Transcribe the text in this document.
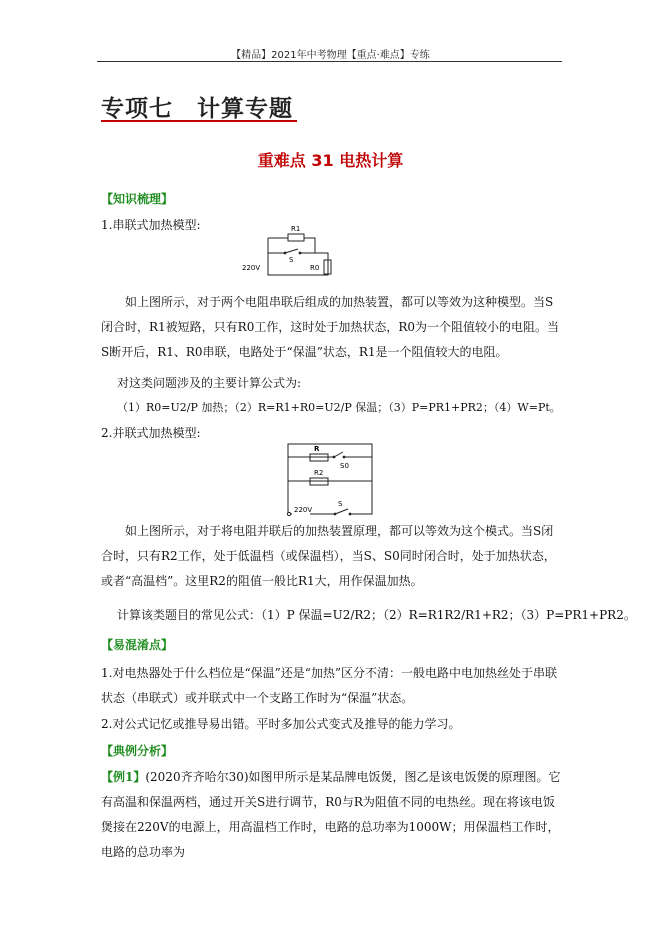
【精品】2021年中考物理【重点·难点】专练
专项七　计算专题
重难点 31 电热计算
【知识梳理】
1.串联式加热模型:	R1
S
220V	R0
如上图所示，对于两个电阻串联后组成的加热装置，都可以等效为这种模型。当S闭合时，R1被短路，只有R0工作，这时处于加热状态，R0为一个阻值较小的电阻。当S断开后，R1、R0串联，电路处于“保温”状态，R1是一个阻值较大的电阻。
对这类问题涉及的主要计算公式为:
（1）R0=U2/P 加热；（2）R=R1+R0=U2/P 保温；（3）P=PR1+PR2；（4）W=Pt。
2.并联式加热模型:
R
R2
S0
S
220V
如上图所示，对于将电阻并联后的加热装置原理，都可以等效为这个模式。当S闭合时，只有R2工作，处于低温档（或保温档），当S、S0同时闭合时，处于加热状态，或者“高温档”。这里R2的阻值一般比R1大，用作保温加热。
计算该类题目的常见公式：（1）P 保温=U2/R2；（2）R=R1R2/R1+R2；（3）P=PR1+PR2。
【易混淆点】
1.对电热器处于什么档位是“保温”还是“加热”区分不清：一般电路中电加热丝处于串联状态（串联式）或并联式中一个支路工作时为“保温”状态。
2.对公式记忆或推导易出错。平时多加公式变式及推导的能力学习。
【典例分析】
【例1】(2020齐齐哈尔30)如图甲所示是某品牌电饭煲，图乙是该电饭煲的原理图。它有高温和保温两档，通过开关S进行调节，R0与R为阻值不同的电热丝。现在将该电饭煲接在220V的电源上，用高温档工作时，电路的总功率为1000W；用保温档工作时，电路的总功率为
